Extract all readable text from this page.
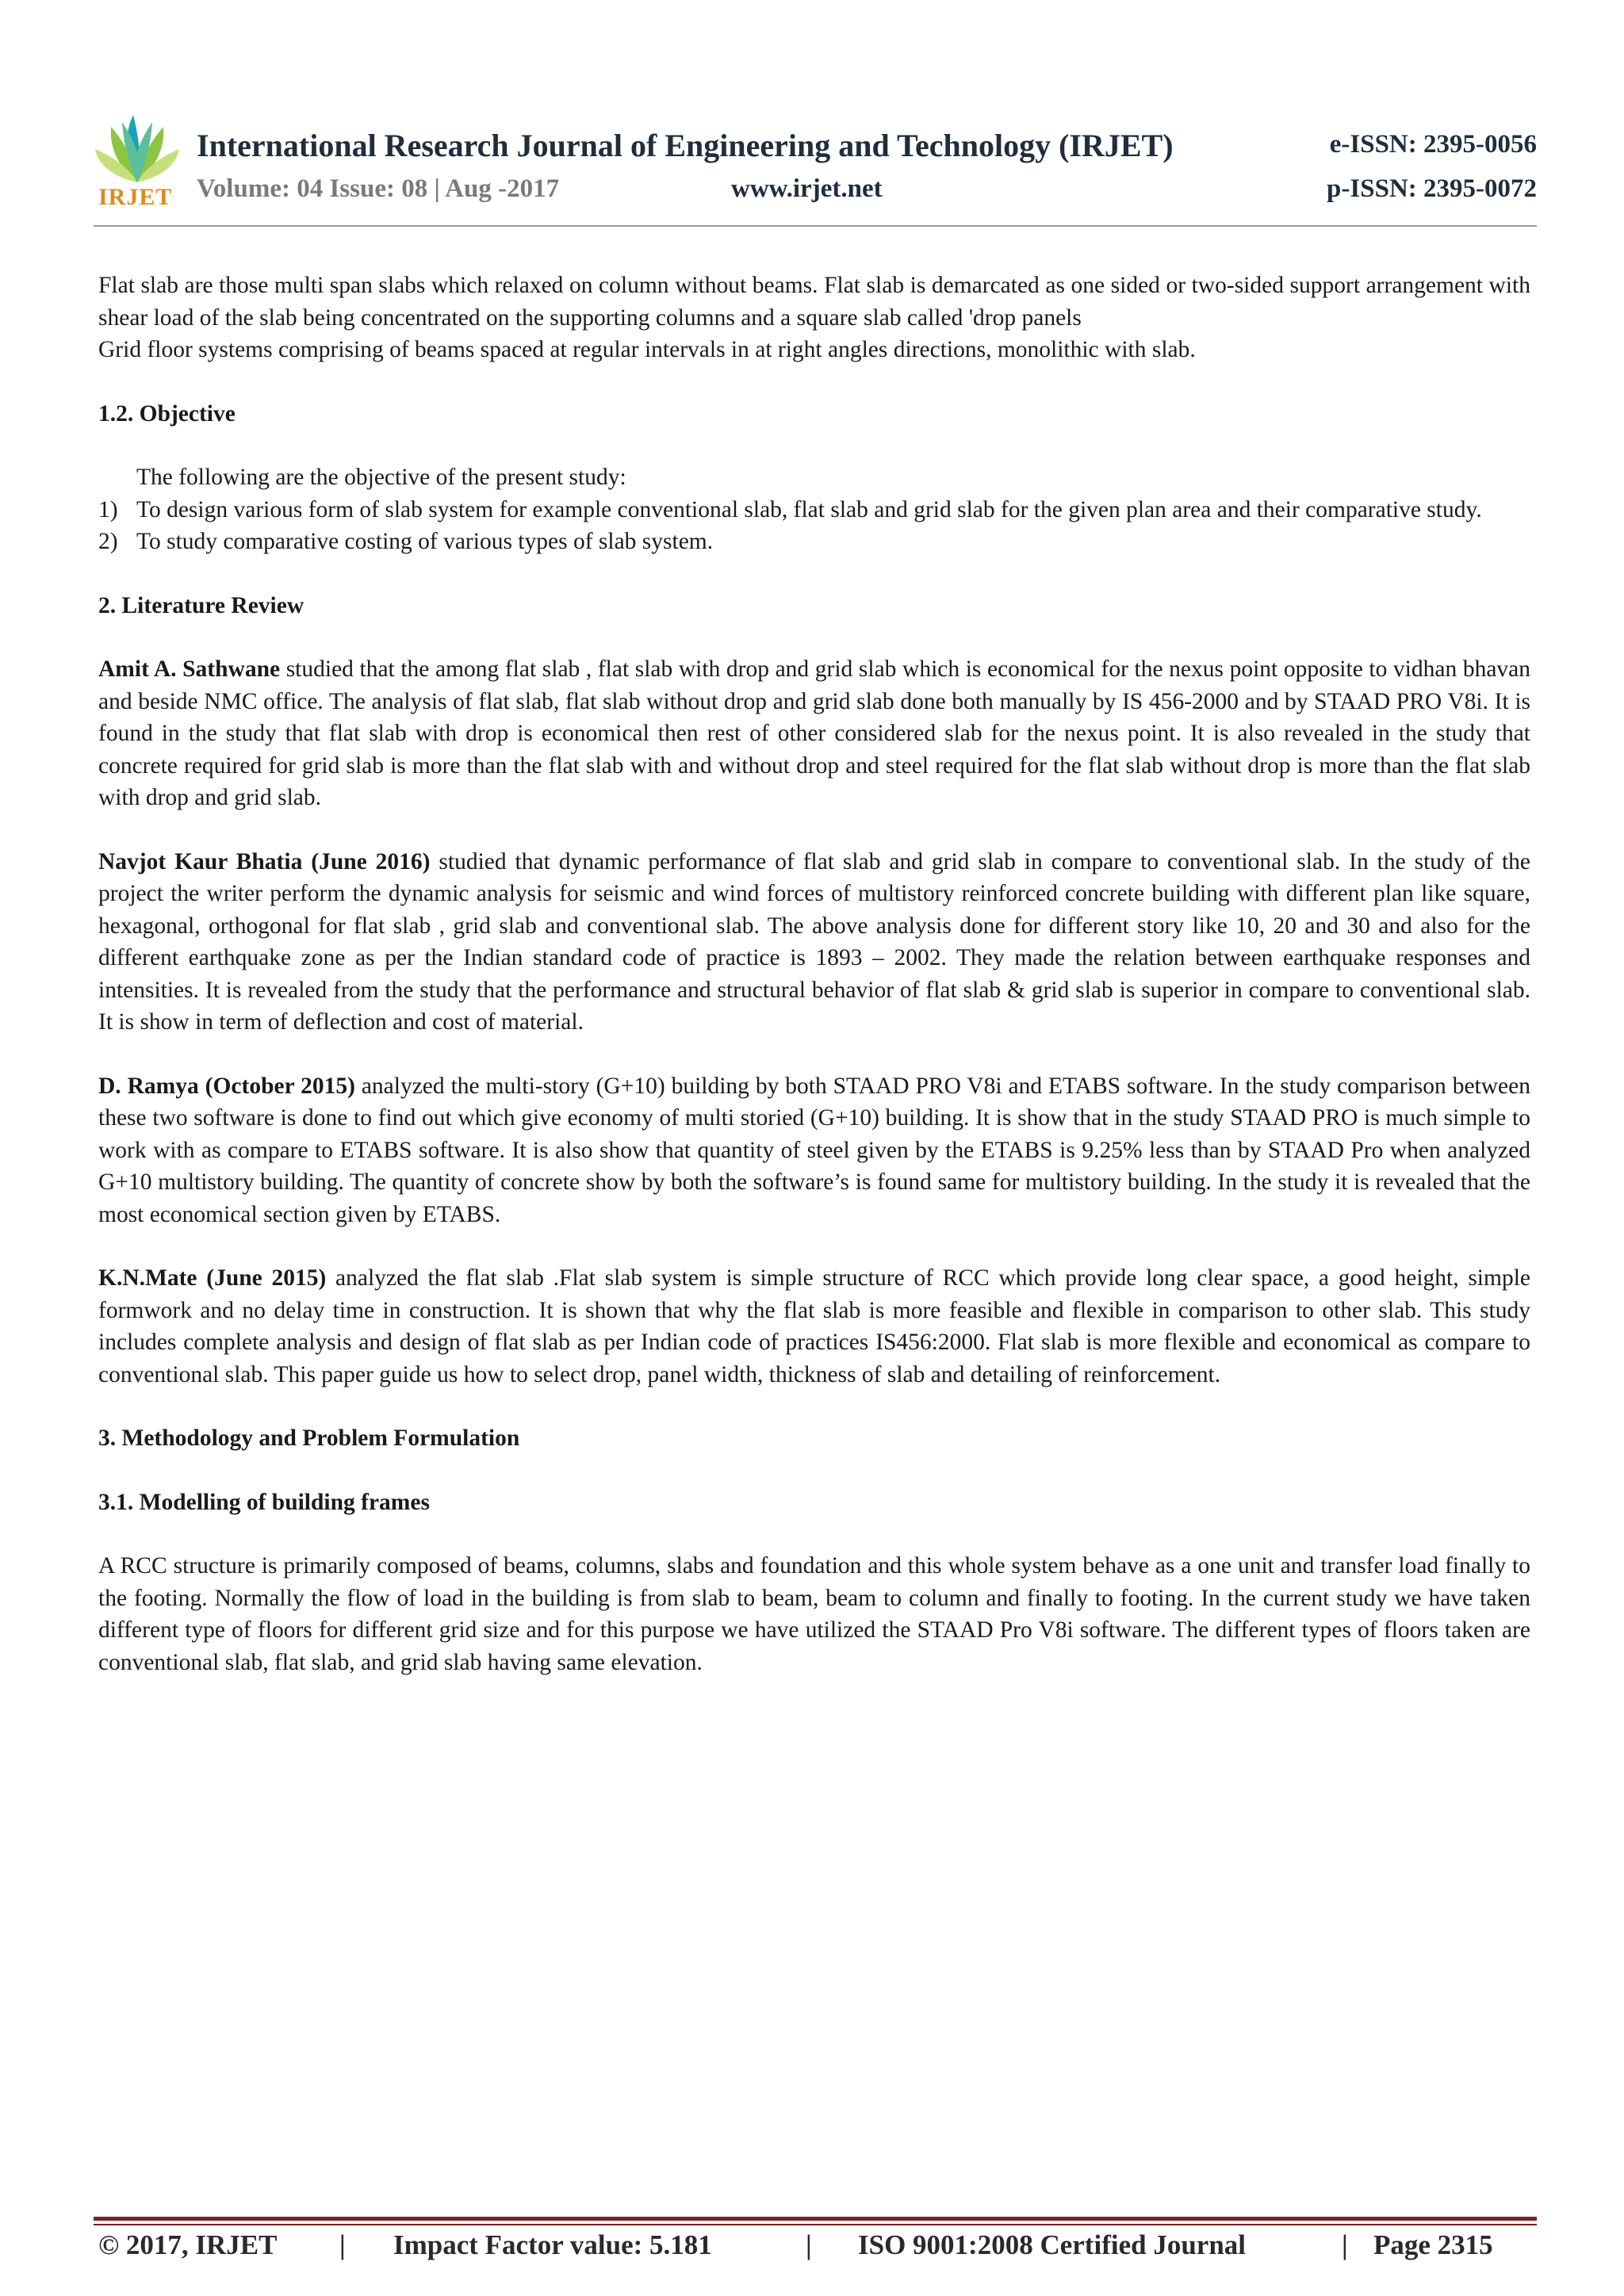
IRJET
International Research Journal of Engineering and Technology (IRJET)
Volume: 04 Issue: 08 | Aug -2017	www.irjet.net
e-ISSN: 2395-0056
p-ISSN: 2395-0072

Flat slab are those multi span slabs which relaxed on column without beams. Flat slab is demarcated as one sided or two-sided support arrangement with shear load of the slab being concentrated on the supporting columns and a square slab called 'drop panels

Grid floor systems comprising of beams spaced at regular intervals in at right angles directions, monolithic with slab.

1.2. Objective

The following are the objective of the present study:

1) To design various form of slab system for example conventional slab, flat slab and grid slab for the given plan area and their comparative study.
2) To study comparative costing of various types of slab system.

2. Literature Review

Amit A. Sathwane studied that the among flat slab , flat slab with drop and grid slab which is economical for the nexus point opposite to vidhan bhavan and beside NMC office. The analysis of flat slab, flat slab without drop and grid slab done both manually by IS 456-2000 and by STAAD PRO V8i. It is found in the study that flat slab with drop is economical then rest of other considered slab for the nexus point. It is also revealed in the study that concrete required for grid slab is more than the flat slab with and without drop and steel required for the flat slab without drop is more than the flat slab with drop and grid slab.

Navjot Kaur Bhatia (June 2016) studied that dynamic performance of flat slab and grid slab in compare to conventional slab. In the study of the project the writer perform the dynamic analysis for seismic and wind forces of multistory reinforced concrete building with different plan like square, hexagonal, orthogonal for flat slab , grid slab and conventional slab. The above analysis done for different story like 10, 20 and 30 and also for the different earthquake zone as per the Indian standard code of practice is 1893 – 2002. They made the relation between earthquake responses and intensities. It is revealed from the study that the performance and structural behavior of flat slab & grid slab is superior in compare to conventional slab. It is show in term of deflection and cost of material.

D. Ramya (October 2015) analyzed the multi-story (G+10) building by both STAAD PRO V8i and ETABS software. In the study comparison between these two software is done to find out which give economy of multi storied (G+10) building. It is show that in the study STAAD PRO is much simple to work with as compare to ETABS software. It is also show that quantity of steel given by the ETABS is 9.25% less than by STAAD Pro when analyzed G+10 multistory building. The quantity of concrete show by both the software’s is found same for multistory building. In the study it is revealed that the most economical section given by ETABS.

K.N.Mate (June 2015) analyzed the flat slab .Flat slab system is simple structure of RCC which provide long clear space, a good height, simple formwork and no delay time in construction. It is shown that why the flat slab is more feasible and flexible in comparison to other slab. This study includes complete analysis and design of flat slab as per Indian code of practices IS456:2000. Flat slab is more flexible and economical as compare to conventional slab. This paper guide us how to select drop, panel width, thickness of slab and detailing of reinforcement.

3. Methodology and Problem Formulation

3.1. Modelling of building frames

A RCC structure is primarily composed of beams, columns, slabs and foundation and this whole system behave as a one unit and transfer load finally to the footing. Normally the flow of load in the building is from slab to beam, beam to column and finally to footing. In the current study we have taken different type of floors for different grid size and for this purpose we have utilized the STAAD Pro V8i software. The different types of floors taken are conventional slab, flat slab, and grid slab having same elevation.

© 2017, IRJET | Impact Factor value: 5.181	| ISO 9001:2008 Certified Journal	| Page 2315
